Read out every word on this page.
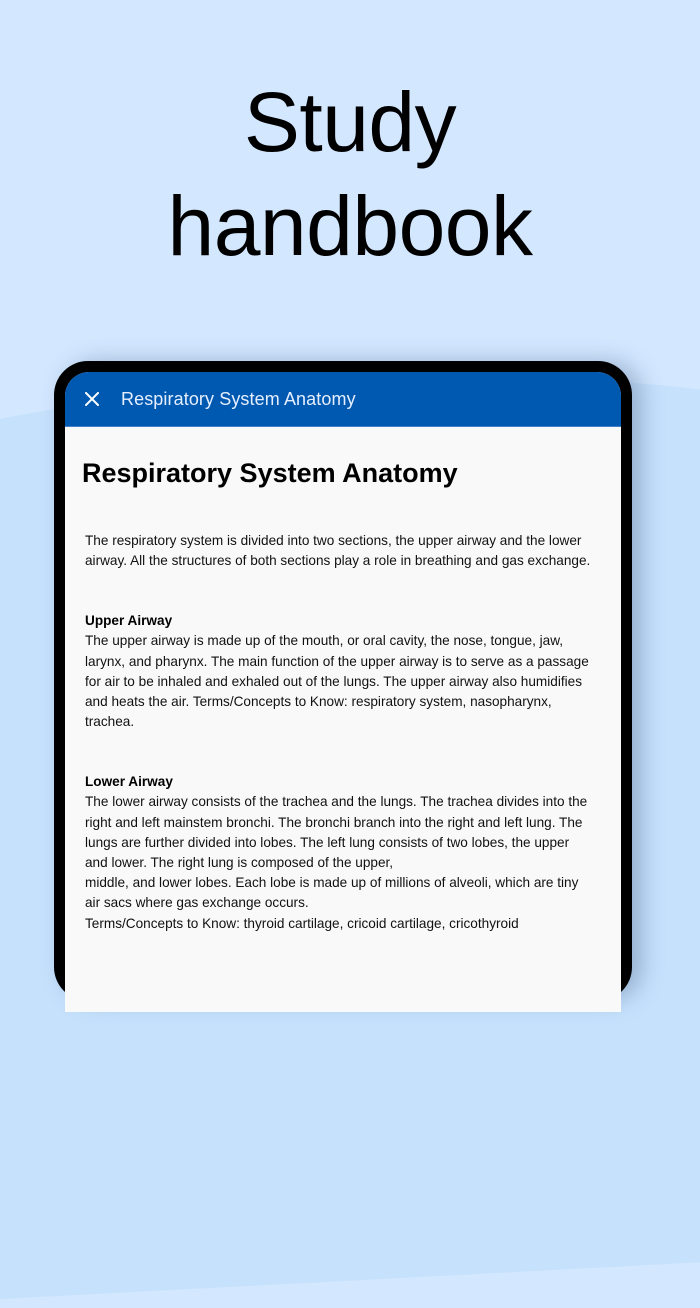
Study
handbook
Respiratory System Anatomy
Respiratory System Anatomy
The respiratory system is divided into two sections, the upper airway and the lower
airway. All the structures of both sections play a role in breathing and gas exchange.
Upper Airway
The upper airway is made up of the mouth, or oral cavity, the nose, tongue, jaw,
larynx, and pharynx. The main function of the upper airway is to serve as a passage
for air to be inhaled and exhaled out of the lungs. The upper airway also humidifies
and heats the air. Terms/Concepts to Know: respiratory system, nasopharynx,
trachea.
Lower Airway
The lower airway consists of the trachea and the lungs. The trachea divides into the
right and left mainstem bronchi. The bronchi branch into the right and left lung. The
lungs are further divided into lobes. The left lung consists of two lobes, the upper
and lower. The right lung is composed of the upper,
middle, and lower lobes. Each lobe is made up of millions of alveoli, which are tiny
air sacs where gas exchange occurs.
Terms/Concepts to Know: thyroid cartilage, cricoid cartilage, cricothyroid
